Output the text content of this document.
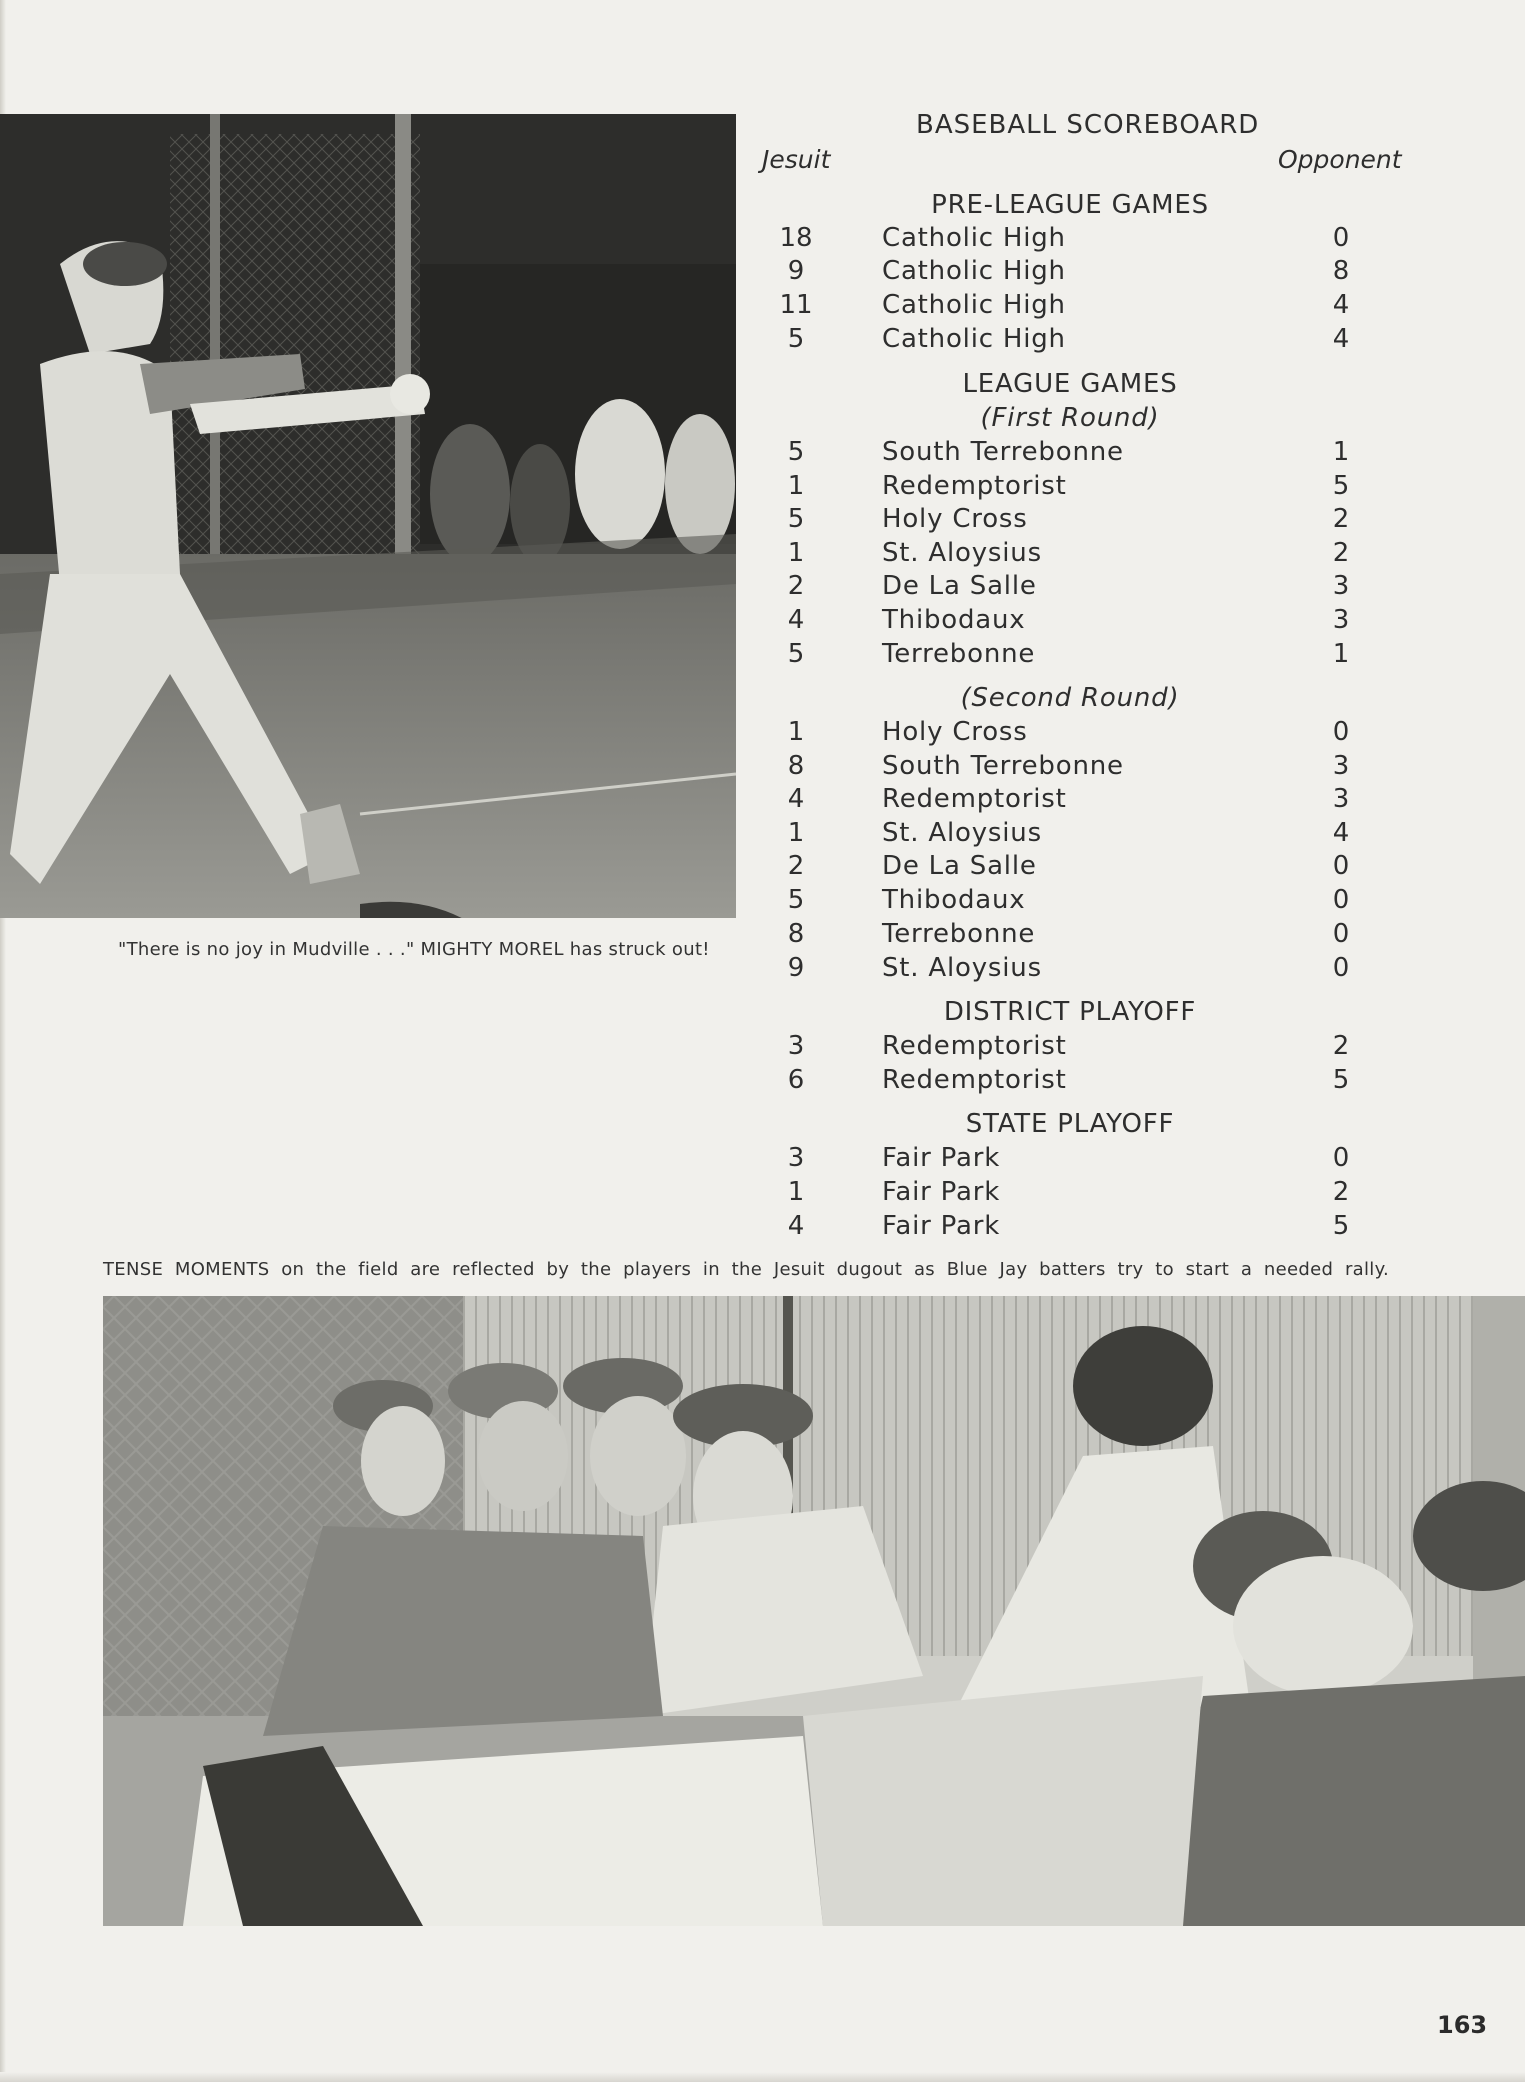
"There is no joy in Mudville . . ." MIGHTY MOREL has struck out!
BASEBALL SCOREBOARD
Jesuit	Opponent
PRE-LEAGUE GAMES
18	Catholic High	0
9	Catholic High	8
11	Catholic High	4
5	Catholic High	4
LEAGUE GAMES
(First Round)
5	South Terrebonne	1
1	Redemptorist	5
5	Holy Cross	2
1	St. Aloysius	2
2	De La Salle	3
4	Thibodaux	3
5	Terrebonne	1
(Second Round)
1	Holy Cross	0
8	South Terrebonne	3
4	Redemptorist	3
1	St. Aloysius	4
2	De La Salle	0
5	Thibodaux	0
8	Terrebonne	0
9	St. Aloysius	0
DISTRICT PLAYOFF
3	Redemptorist	2
6	Redemptorist	5
STATE PLAYOFF
3	Fair Park	0
1	Fair Park	2
4	Fair Park	5
TENSE MOMENTS on the field are reflected by the players in the Jesuit dugout as Blue Jay batters try to start a needed rally.
163
